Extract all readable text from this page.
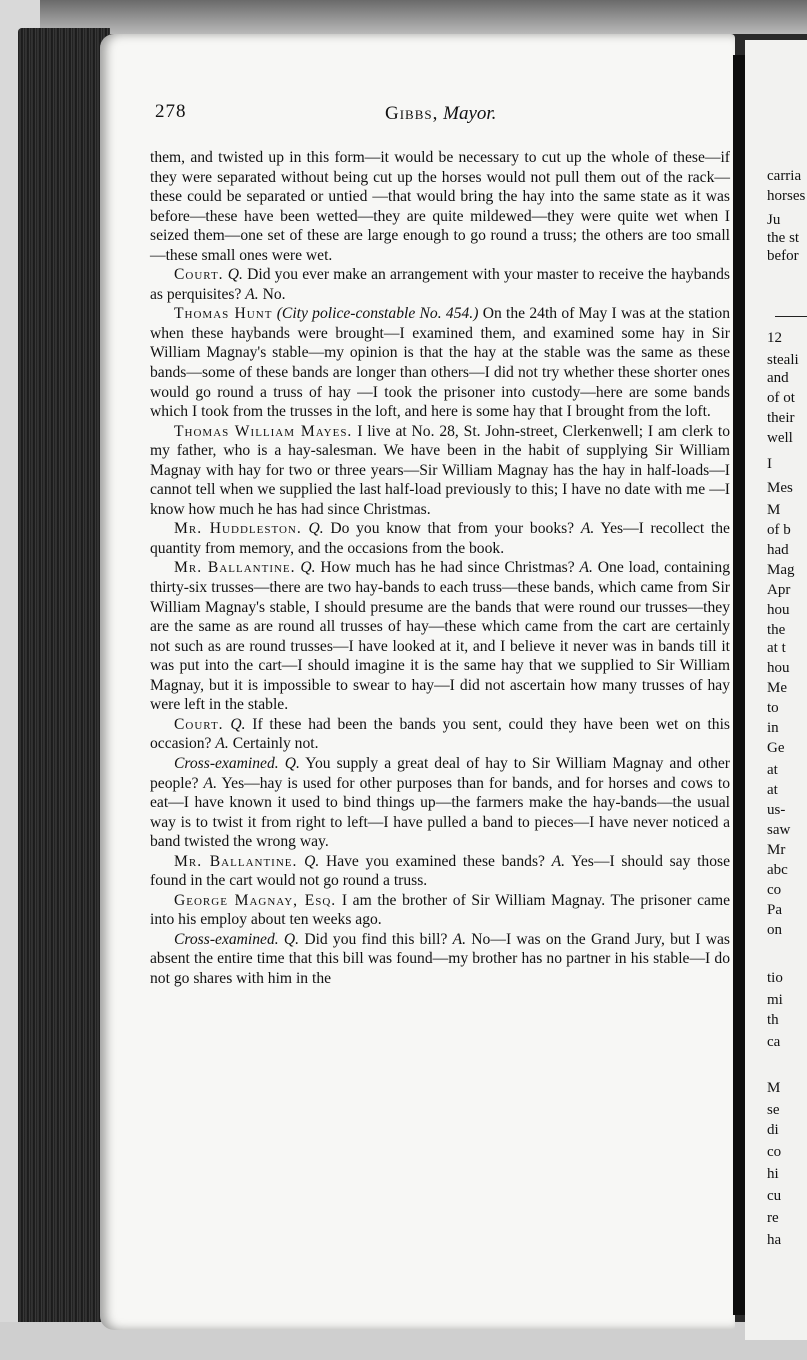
278	Gibbs, Mayor.

them, and twisted up in this form—it would be necessary to cut up the whole of these—if they were separated without being cut up the horses would not pull them out of the rack—these could be separated or untied —that would bring the hay into the same state as it was before—these have been wetted—they are quite mildewed—they were quite wet when I seized them—one set of these are large enough to go round a truss; the others are too small—these small ones were wet.

Court. Q. Did you ever make an arrangement with your master to receive the haybands as perquisites? A. No.

Thomas Hunt (City police-constable No. 454.) On the 24th of May I was at the station when these haybands were brought—I examined them, and examined some hay in Sir William Magnay's stable—my opinion is that the hay at the stable was the same as these bands—some of these bands are longer than others—I did not try whether these shorter ones would go round a truss of hay —I took the prisoner into custody—here are some bands which I took from the trusses in the loft, and here is some hay that I brought from the loft.

Thomas William Mayes. I live at No. 28, St. John-street, Clerkenwell; I am clerk to my father, who is a hay-salesman. We have been in the habit of supplying Sir William Magnay with hay for two or three years—Sir William Magnay has the hay in half-loads—I cannot tell when we supplied the last half-load previously to this; I have no date with me —I know how much he has had since Christmas.

Mr. Huddleston. Q. Do you know that from your books? A. Yes—I recollect the quantity from memory, and the occasions from the book.

Mr. Ballantine. Q. How much has he had since Christmas? A. One load, containing thirty-six trusses—there are two hay-bands to each truss—these bands, which came from Sir William Magnay's stable, I should presume are the bands that were round our trusses—they are the same as are round all trusses of hay—these which came from the cart are certainly not such as are round trusses—I have looked at it, and I believe it never was in bands till it was put into the cart—I should imagine it is the same hay that we supplied to Sir William Magnay, but it is impossible to swear to hay—I did not ascertain how many trusses of hay were left in the stable.

Court. Q. If these had been the bands you sent, could they have been wet on this occasion? A. Certainly not.

Cross-examined. Q. You supply a great deal of hay to Sir William Magnay and other people? A. Yes—hay is used for other purposes than for bands, and for horses and cows to eat—I have known it used to bind things up—the farmers make the hay-bands—the usual way is to twist it from right to left—I have pulled a band to pieces—I have never noticed a band twisted the wrong way.

Mr. Ballantine. Q. Have you examined these bands? A. Yes—I should say those found in the cart would not go round a truss.

George Magnay, Esq. I am the brother of Sir William Magnay. The prisoner came into his employ about ten weeks ago.

Cross-examined. Q. Did you find this bill? A. No—I was on the Grand Jury, but I was absent the entire time that this bill was found—my brother has no partner in his stable—I do not go shares with him in the

carria
horses
Ju
the st
befor
12
steali
and
of ot
their
well
I
Mes
M
of b
had
Mag
Apr
hou
the
at t
hou
Me
to
in
Ge
at
at
us-
saw
Mr
abc
co
Pa
on
tio
mi
th
ca
M
se
di
co
hi
cu
re
ha
